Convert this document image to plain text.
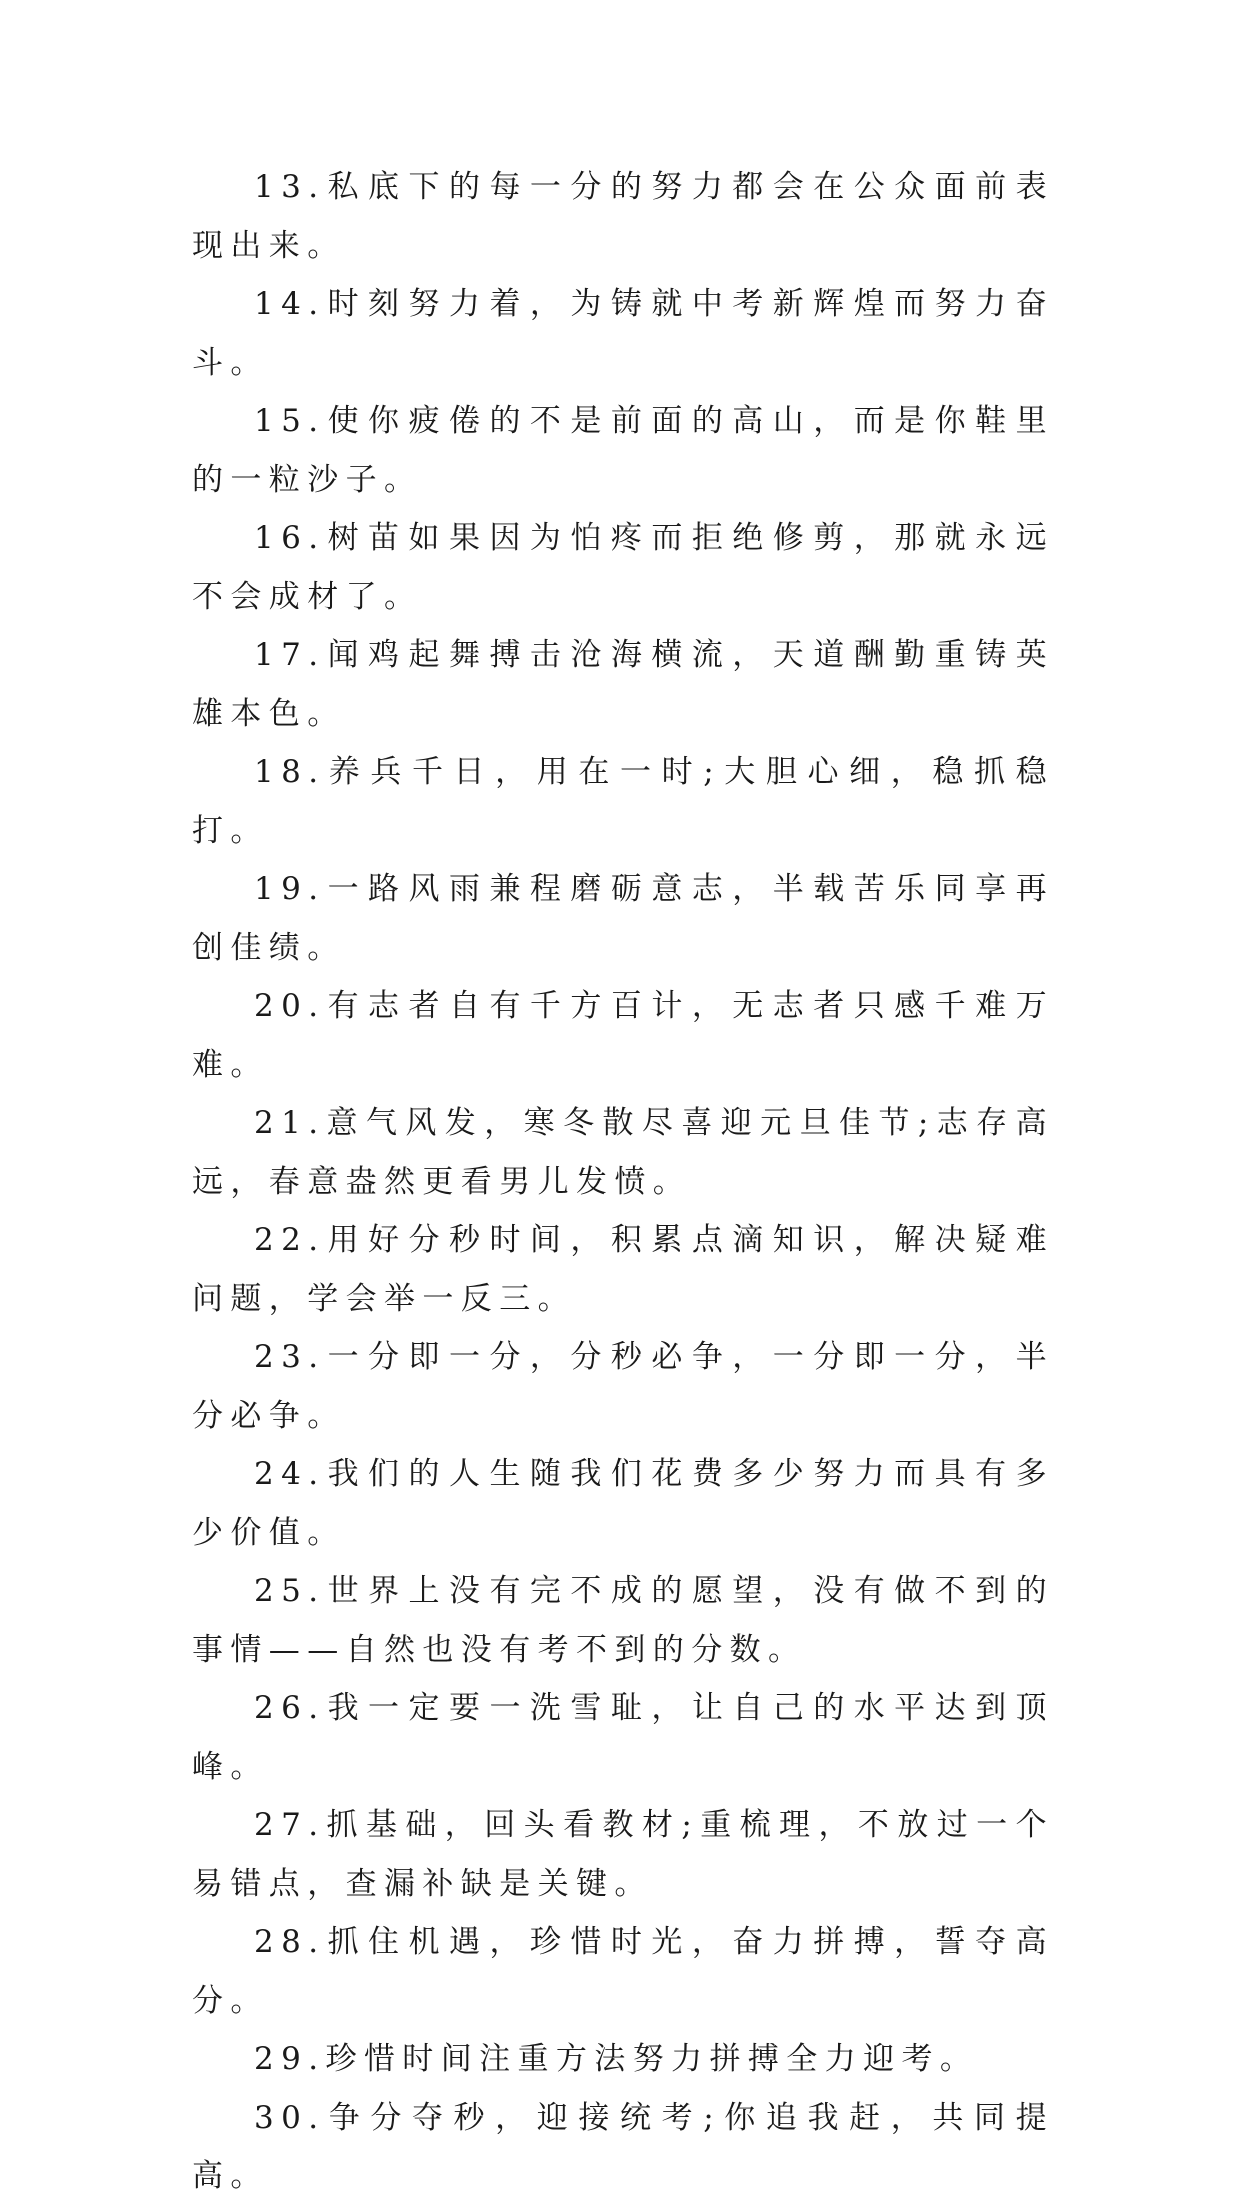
13.私底下的每一分的努力都会在公众面前表现出来。

14.时刻努力着，为铸就中考新辉煌而努力奋斗。

15.使你疲倦的不是前面的高山，而是你鞋里的一粒沙子。

16.树苗如果因为怕疼而拒绝修剪，那就永远不会成材了。

17.闻鸡起舞搏击沧海横流，天道酬勤重铸英雄本色。

18.养兵千日，用在一时;大胆心细，稳抓稳打。

19.一路风雨兼程磨砺意志，半载苦乐同享再创佳绩。

20.有志者自有千方百计，无志者只感千难万难。

21.意气风发，寒冬散尽喜迎元旦佳节;志存高远，春意盎然更看男儿发愤。

22.用好分秒时间，积累点滴知识，解决疑难问题，学会举一反三。

23.一分即一分，分秒必争，一分即一分，半分必争。

24.我们的人生随我们花费多少努力而具有多少价值。

25.世界上没有完不成的愿望，没有做不到的事情——自然也没有考不到的分数。

26.我一定要一洗雪耻，让自己的水平达到顶峰。

27.抓基础，回头看教材;重梳理，不放过一个易错点，查漏补缺是关键。

28.抓住机遇，珍惜时光，奋力拼搏，誓夺高分。

29.珍惜时间注重方法努力拼搏全力迎考。

30.争分夺秒，迎接统考;你追我赶，共同提高。
